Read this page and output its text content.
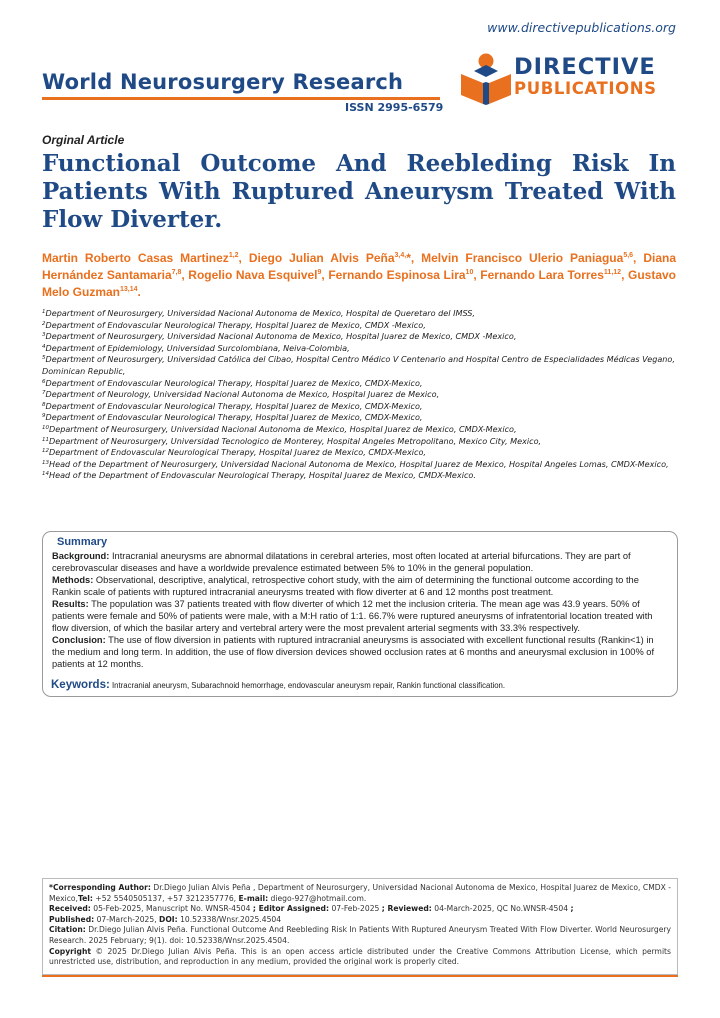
www.directivepublications.org
World Neurosurgery Research
ISSN 2995-6579
DIRECTIVE
PUBLICATIONS
Orginal Article
Functional Outcome And Reebleding Risk In Patients With Ruptured Aneurysm Treated With Flow Diverter.
Martin Roberto Casas Martinez$^{1,2}$, Diego Julian Alvis Peña$^{3,4,}$*, Melvin Francisco Ulerio Paniagua$^{5,6}$, Diana Hernández Santamaria$^{7,8}$, Rogelio Nava Esquivel$^9$, Fernando Espinosa Lira$^{10}$, Fernando Lara Torres$^{11,12}$, Gustavo Melo Guzman$^{13,14}$.
$^1$Department of Neurosurgery, Universidad Nacional Autonoma de Mexico, Hospital de Queretaro del IMSS,
$^2$Department of Endovascular Neurological Therapy, Hospital Juarez de Mexico, CMDX -Mexico,
$^3$Department of Neurosurgery, Universidad Nacional Autonoma de Mexico, Hospital Juarez de Mexico, CMDX -Mexico,
$^4$Department of Epidemiology, Universidad Surcolombiana, Neiva-Colombia,
$^5$Department of Neurosurgery, Universidad Católica del Cibao, Hospital Centro Médico V Centenario and Hospital Centro de Especialidades Médicas Vegano, Dominican Republic,
$^6$Department of Endovascular Neurological Therapy, Hospital Juarez de Mexico, CMDX-Mexico,
$^7$Department of Neurology, Universidad Nacional Autonoma de Mexico, Hospital Juarez de Mexico,
$^8$Department of Endovascular Neurological Therapy, Hospital Juarez de Mexico, CMDX-Mexico,
$^9$Department of Endovascular Neurological Therapy, Hospital Juarez de Mexico, CMDX-Mexico,
$^{10}$Department of Neurosurgery, Universidad Nacional Autonoma de Mexico, Hospital Juarez de Mexico, CMDX-Mexico,
$^{11}$Department of Neurosurgery, Universidad Tecnologico de Monterey, Hospital Angeles Metropolitano, Mexico City, Mexico,
$^{12}$Department of Endovascular Neurological Therapy, Hospital Juarez de Mexico, CMDX-Mexico,
$^{13}$Head of the Department of Neurosurgery, Universidad Nacional Autonoma de Mexico, Hospital Juarez de Mexico, Hospital Angeles Lomas, CMDX-Mexico,
$^{14}$Head of the Department of Endovascular Neurological Therapy, Hospital Juarez de Mexico, CMDX-Mexico.
Summary

Background: Intracranial aneurysms are abnormal dilatations in cerebral arteries, most often located at arterial bifurcations. They are part of cerebrovascular diseases and have a worldwide prevalence estimated between 5% to 10% in the general population.

Methods: Observational, descriptive, analytical, retrospective cohort study, with the aim of determining the functional outcome according to the Rankin scale of patients with ruptured intracranial aneurysms treated with flow diverter at 6 and 12 months post treatment.

Results: The population was 37 patients treated with flow diverter of which 12 met the inclusion criteria. The mean age was 43.9 years. 50% of patients were female and 50% of patients were male, with a M:H ratio of 1:1. 66.7% were ruptured aneurysms of infratentorial location treated with flow diversion, of which the basilar artery and vertebral artery were the most prevalent arterial segments with 33.3% respectively.

Conclusion: The use of flow diversion in patients with ruptured intracranial aneurysms is associated with excellent functional results (Rankin<1) in the medium and long term. In addition, the use of flow diversion devices showed occlusion rates at 6 months and aneurysmal exclusion in 100% of patients at 12 months.

Keywords: Intracranial aneurysm, Subarachnoid hemorrhage, endovascular aneurysm repair, Rankin functional classification.
*Corresponding Author: Dr.Diego Julian Alvis Peña , Department of Neurosurgery, Universidad Nacional Autonoma de Mexico, Hospital Juarez de Mexico, CMDX -Mexico,Tel: +52 5540505137, +57 3212357776, E-mail: diego-927@hotmail.com.
Received: 05-Feb-2025, Manuscript No. WNSR-4504 ; Editor Assigned: 07-Feb-2025 ; Reviewed: 04-March-2025, QC No.WNSR-4504 ;
Published: 07-March-2025, DOI: 10.52338/Wnsr.2025.4504
Citation: Dr.Diego Julian Alvis Peña. Functional Outcome And Reebleding Risk In Patients With Ruptured Aneurysm Treated With Flow Diverter. World Neurosurgery Research. 2025 February; 9(1). doi: 10.52338/Wnsr.2025.4504.
Copyright © 2025 Dr.Diego Julian Alvis Peña. This is an open access article distributed under the Creative Commons Attribution License, which permits unrestricted use, distribution, and reproduction in any medium, provided the original work is properly cited.
